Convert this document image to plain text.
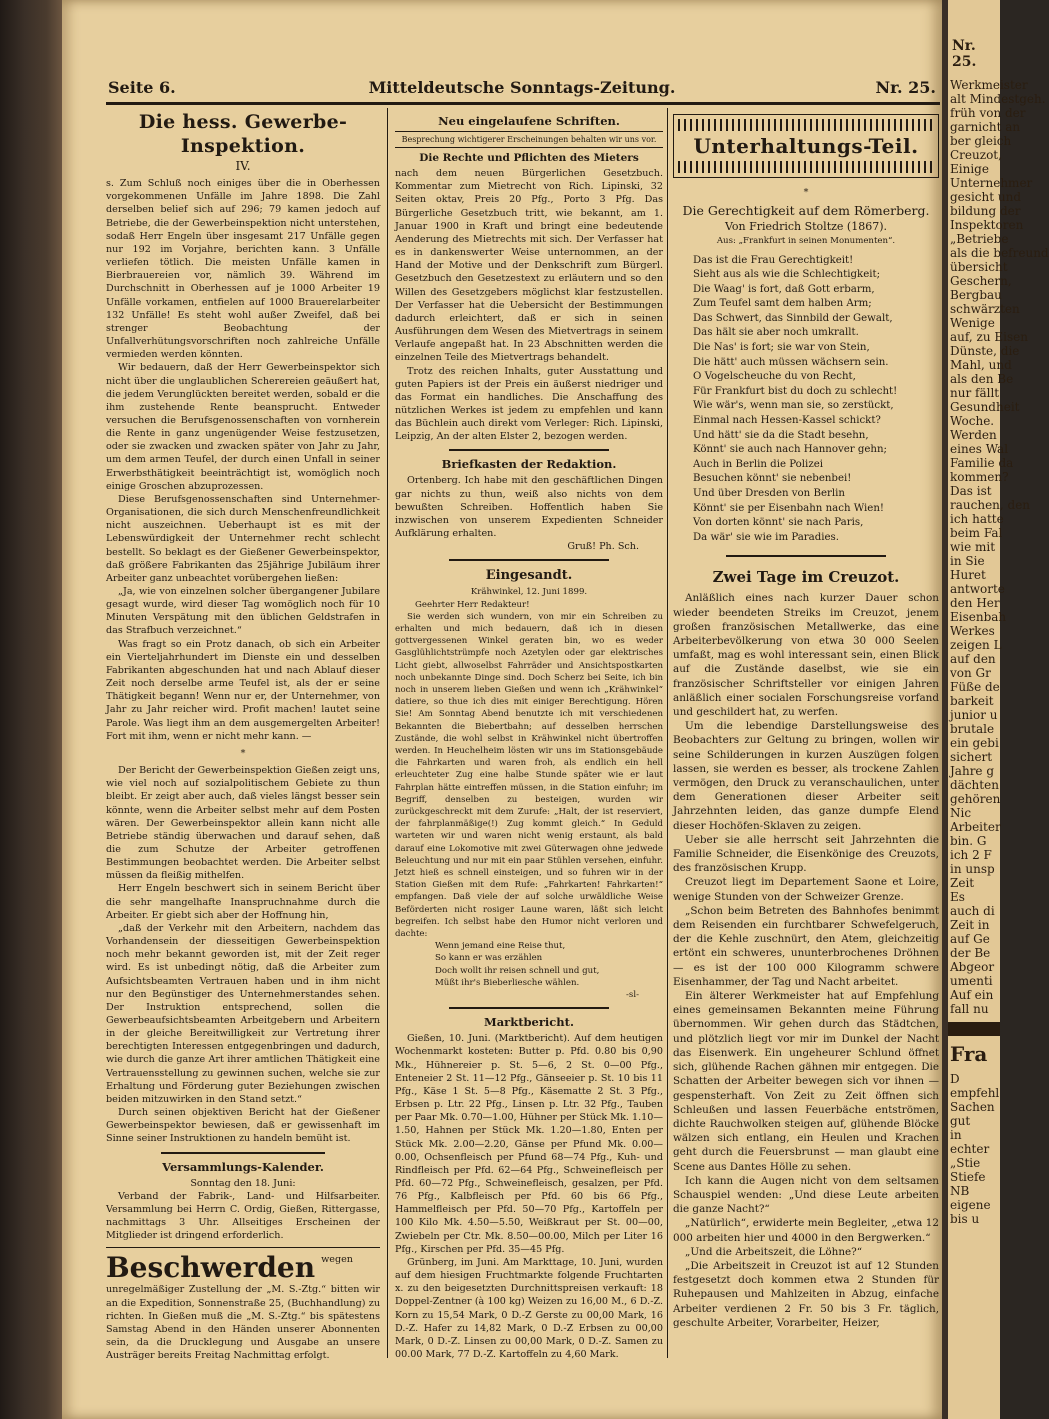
Seite 6.	Mitteldeutsche Sonntags-Zeitung.	Nr. 25.
Die hess. Gewerbe-Inspektion.
IV.

s. Zum Schluß noch einiges über die in Oberhessen vorgekommenen Unfälle im Jahre 1898. Die Zahl derselben belief sich auf 296; 79 kamen jedoch auf Betriebe, die der Gewerbeinspektion nicht unterstehen, sodaß Herr Engeln über insgesamt 217 Unfälle gegen nur 192 im Vorjahre, berichten kann. 3 Unfälle verliefen tötlich. Die meisten Unfälle kamen in Bierbrauereien vor, nämlich 39. Während im Durchschnitt in Oberhessen auf je 1000 Arbeiter 19 Unfälle vorkamen, entfielen auf 1000 Brauerelarbeiter 132 Unfälle! Es steht wohl außer Zweifel, daß bei strenger Beobachtung der Unfallverhütungsvorschriften noch zahlreiche Unfälle vermieden werden könnten.

Wir bedauern, daß der Herr Gewerbeinspektor sich nicht über die unglaublichen Scherereien geäußert hat, die jedem Verunglückten bereitet werden, sobald er die ihm zustehende Rente beansprucht. Entweder versuchen die Berufsgenossenschaften von vornherein die Rente in ganz ungenügender Weise festzusetzen, oder sie zwacken und zwacken später von Jahr zu Jahr, um dem armen Teufel, der durch einen Unfall in seiner Erwerbsthätigkeit beeinträchtigt ist, womöglich noch einige Groschen abzuprozessen.

Diese Berufsgenossenschaften sind Unternehmer-Organisationen, die sich durch Menschenfreundlichkeit nicht auszeichnen. Ueberhaupt ist es mit der Lebenswürdigkeit der Unternehmer recht schlecht bestellt. So beklagt es der Gießener Gewerbeinspektor, daß größere Fabrikanten das 25jährige Jubiläum ihrer Arbeiter ganz unbeachtet vorübergehen ließen:

„Ja, wie von einzelnen solcher übergangener Jubilare gesagt wurde, wird dieser Tag womöglich noch für 10 Minuten Verspätung mit den üblichen Geldstrafen in das Strafbuch verzeichnet.“

Was fragt so ein Protz danach, ob sich ein Arbeiter ein Vierteljahrhundert im Dienste ein und desselben Fabrikanten abgeschunden hat und nach Ablauf dieser Zeit noch derselbe arme Teufel ist, als der er seine Thätigkeit begann! Wenn nur er, der Unternehmer, von Jahr zu Jahr reicher wird. Profit machen! lautet seine Parole. Was liegt ihm an dem ausgemergelten Arbeiter! Fort mit ihm, wenn er nicht mehr kann. —

*

Der Bericht der Gewerbeinspektion Gießen zeigt uns, wie viel noch auf sozialpolitischem Gebiete zu thun bleibt. Er zeigt aber auch, daß vieles längst besser sein könnte, wenn die Arbeiter selbst mehr auf dem Posten wären. Der Gewerbeinspektor allein kann nicht alle Betriebe ständig überwachen und darauf sehen, daß die zum Schutze der Arbeiter getroffenen Bestimmungen beobachtet werden. Die Arbeiter selbst müssen da fleißig mithelfen.

Herr Engeln beschwert sich in seinem Bericht über die sehr mangelhafte Inanspruchnahme durch die Arbeiter. Er giebt sich aber der Hoffnung hin,

„daß der Verkehr mit den Arbeitern, nachdem das Vorhandensein der diesseitigen Gewerbeinspektion noch mehr bekannt geworden ist, mit der Zeit reger wird. Es ist unbedingt nötig, daß die Arbeiter zum Aufsichtsbeamten Vertrauen haben und in ihm nicht nur den Begünstiger des Unternehmerstandes sehen. Der Instruktion entsprechend, sollen die Gewerbeaufsichtsbeamten Arbeitgebern und Arbeitern in der gleiche Bereitwilligkeit zur Vertretung ihrer berechtigten Interessen entgegenbringen und dadurch, wie durch die ganze Art ihrer amtlichen Thätigkeit eine Vertrauensstellung zu gewinnen suchen, welche sie zur Erhaltung und Förderung guter Beziehungen zwischen beiden mitzuwirken in den Stand setzt.“

Durch seinen objektiven Bericht hat der Gießener Gewerbeinspektor bewiesen, daß er gewissenhaft im Sinne seiner Instruktionen zu handeln bemüht ist.

Versammlungs-Kalender.
Sonntag den 18. Juni:

Verband der Fabrik-, Land- und Hilfsarbeiter. Versammlung bei Herrn C. Ordig, Gießen, Rittergasse, nachmittags 3 Uhr. Allseitiges Erscheinen der Mitglieder ist dringend erforderlich.

Beschwerden wegen unregelmäßiger Zustellung der „M. S.-Ztg.“ bitten wir an die Expedition, Sonnenstraße 25, (Buchhandlung) zu richten. In Gießen muß die „M. S.-Ztg.“ bis spätestens Samstag Abend in den Händen unserer Abonnenten sein, da die Drucklegung und Ausgabe an unsere Austräger bereits Freitag Nachmittag erfolgt.
Neu eingelaufene Schriften.
Besprechung wichtigerer Erscheinungen behalten wir uns vor.
Die Rechte und Pflichten des Mieters

nach dem neuen Bürgerlichen Gesetzbuch. Kommentar zum Mietrecht von Rich. Lipinski, 32 Seiten oktav, Preis 20 Pfg., Porto 3 Pfg. Das Bürgerliche Gesetzbuch tritt, wie bekannt, am 1. Januar 1900 in Kraft und bringt eine bedeutende Aenderung des Mietrechts mit sich. Der Verfasser hat es in dankenswerter Weise unternommen, an der Hand der Motive und der Denkschrift zum Bürgerl. Gesetzbuch den Gesetzestext zu erläutern und so den Willen des Gesetzgebers möglichst klar festzustellen. Der Verfasser hat die Uebersicht der Bestimmungen dadurch erleichtert, daß er sich in seinen Ausführungen dem Wesen des Mietvertrags in seinem Verlaufe angepaßt hat. In 23 Abschnitten werden die einzelnen Teile des Mietvertrags behandelt.

Trotz des reichen Inhalts, guter Ausstattung und guten Papiers ist der Preis ein äußerst niedriger und das Format ein handliches. Die Anschaffung des nützlichen Werkes ist jedem zu empfehlen und kann das Büchlein auch direkt vom Verleger: Rich. Lipinski, Leipzig, An der alten Elster 2, bezogen werden.

Briefkasten der Redaktion.

Ortenberg. Ich habe mit den geschäftlichen Dingen gar nichts zu thun, weiß also nichts von dem bewußten Schreiben. Hoffentlich haben Sie inzwischen von unserem Expedienten Schneider Aufklärung erhalten.

Gruß! Ph. Sch.
Eingesandt.
Krähwinkel, 12. Juni 1899.
Geehrter Herr Redakteur!

Sie werden sich wundern, von mir ein Schreiben zu erhalten und mich bedauern, daß ich in diesen gottvergessenen Winkel geraten bin, wo es weder Gasglühlichtstrümpfe noch Azetylen oder gar elektrisches Licht giebt, allwoselbst Fahrräder und Ansichtspostkarten noch unbekannte Dinge sind. Doch Scherz bei Seite, ich bin noch in unserem lieben Gießen und wenn ich „Krähwinkel“ datiere, so thue ich dies mit einiger Berechtigung. Hören Sie! Am Sonntag Abend benutzte ich mit verschiedenen Bekannten die Biebertbahn; auf desselben herrschen Zustände, die wohl selbst in Krähwinkel nicht übertroffen werden. In Heuchelheim lösten wir uns im Stationsgebäude die Fahrkarten und waren froh, als endlich ein hell erleuchteter Zug eine halbe Stunde später wie er laut Fahrplan hätte eintreffen müssen, in die Station einfuhr; im Begriff, denselben zu besteigen, wurden wir zurückgeschreckt mit dem Zurufe: „Halt, der ist reserviert, der fahrplanmäßige(!) Zug kommt gleich.“ In Geduld warteten wir und waren nicht wenig erstaunt, als bald darauf eine Lokomotive mit zwei Güterwagen ohne jedwede Beleuchtung und nur mit ein paar Stühlen versehen, einfuhr. Jetzt hieß es schnell einsteigen, und so fuhren wir in der Station Gießen mit dem Rufe: „Fahrkarten! Fahrkarten!“ empfangen. Daß viele der auf solche urwäldliche Weise Beförderten nicht rosiger Laune waren, läßt sich leicht begreifen. Ich selbst habe den Humor nicht verloren und dachte:

Wenn jemand eine Reise thut,
So kann er was erzählen
Doch wollt ihr reisen schnell und gut,
Müßt ihr's Bieberliesche wählen.
-sl-
Marktbericht.

Gießen, 10. Juni. (Marktbericht). Auf dem heutigen Wochenmarkt kosteten: Butter p. Pfd. 0.80 bis 0,90 Mk., Hühnereier p. St. 5—6, 2 St. 0—00 Pfg., Enteneier 2 St. 11—12 Pfg., Gänseeier p. St. 10 bis 11 Pfg., Käse 1 St. 5—8 Pfg., Käsematte 2 St. 3 Pfg., Erbsen p. Ltr. 22 Pfg., Linsen p. Ltr. 32 Pfg., Tauben per Paar Mk. 0.70—1.00, Hühner per Stück Mk. 1.10—1.50, Hahnen per Stück Mk. 1.20—1.80, Enten per Stück Mk. 2.00—2.20, Gänse per Pfund Mk. 0.00—0.00, Ochsenfleisch per Pfund 68—74 Pfg., Kuh- und Rindfleisch per Pfd. 62—64 Pfg., Schweinefleisch per Pfd. 60—72 Pfg., Schweinefleisch, gesalzen, per Pfd. 76 Pfg., Kalbfleisch per Pfd. 60 bis 66 Pfg., Hammelfleisch per Pfd. 50—70 Pfg., Kartoffeln per 100 Kilo Mk. 4.50—5.50, Weißkraut per St. 00—00, Zwiebeln per Ctr. Mk. 8.50—00.00, Milch per Liter 16 Pfg., Kirschen per Pfd. 35—45 Pfg.

Grünberg, im Juni. Am Markttage, 10. Juni, wurden auf dem hiesigen Fruchtmarkte folgende Fruchtarten x. zu den beigesetzten Durchnittspreisen verkauft: 18 Doppel-Zentner (à 100 kg) Weizen zu 16,00 M., 6 D.-Z. Korn zu 15,54 Mark, 0 D.-Z Gerste zu 00,00 Mark, 16 D.-Z. Hafer zu 14,82 Mark, 0 D.-Z Erbsen zu 00,00 Mark, 0 D.-Z. Linsen zu 00,00 Mark, 0 D.-Z. Samen zu 00.00 Mark, 77 D.-Z. Kartoffeln zu 4,60 Mark.

Unterhaltungs-Teil.
*
Die Gerechtigkeit auf dem Römerberg.
Von Friedrich Stoltze (1867).
Aus: „Frankfurt in seinen Monumenten“.
Das ist die Frau Gerechtigkeit!
Sieht aus als wie die Schlechtigkeit;
Die Waag' is fort, daß Gott erbarm,
Zum Teufel samt dem halben Arm;
Das Schwert, das Sinnbild der Gewalt,
Das hält sie aber noch umkrallt.
Die Nas' is fort; sie war von Stein,
Die hätt' auch müssen wächsern sein.
O Vogelscheuche du von Recht,
Für Frankfurt bist du doch zu schlecht!
Wie wär's, wenn man sie, so zerstückt,
Einmal nach Hessen-Kassel schickt?
Und hätt' sie da die Stadt besehn,
Könnt' sie auch nach Hannover gehn;
Auch in Berlin die Polizei
Besuchen könnt' sie nebenbei!
Und über Dresden von Berlin
Könnt' sie per Eisenbahn nach Wien!
Von dorten könnt' sie nach Paris,
Da wär' sie wie im Paradies.
Zwei Tage im Creuzot.

Anläßlich eines nach kurzer Dauer schon wieder beendeten Streiks im Creuzot, jenem großen französischen Metallwerke, das eine Arbeiterbevölkerung von etwa 30 000 Seelen umfaßt, mag es wohl interessant sein, einen Blick auf die Zustände daselbst, wie sie ein französischer Schriftsteller vor einigen Jahren anläßlich einer socialen Forschungsreise vorfand und geschildert hat, zu werfen.

Um die lebendige Darstellungsweise des Beobachters zur Geltung zu bringen, wollen wir seine Schilderungen in kurzen Auszügen folgen lassen, sie werden es besser, als trockene Zahlen vermögen, den Druck zu veranschaulichen, unter dem Generationen dieser Arbeiter seit Jahrzehnten leiden, das ganze dumpfe Elend dieser Hochöfen-Sklaven zu zeigen.

Ueber sie alle herrscht seit Jahrzehnten die Familie Schneider, die Eisenkönige des Creuzots, des französischen Krupp.

Creuzot liegt im Departement Saone et Loire, wenige Stunden von der Schweizer Grenze.

„Schon beim Betreten des Bahnhofes benimmt dem Reisenden ein furchtbarer Schwefelgeruch, der die Kehle zuschnürt, den Atem, gleichzeitig ertönt ein schweres, ununterbrochenes Dröhnen — es ist der 100 000 Kilogramm schwere Eisenhammer, der Tag und Nacht arbeitet.

Ein älterer Werkmeister hat auf Empfehlung eines gemeinsamen Bekannten meine Führung übernommen. Wir gehen durch das Städtchen, und plötzlich liegt vor mir im Dunkel der Nacht das Eisenwerk. Ein ungeheurer Schlund öffnet sich, glühende Rachen gähnen mir entgegen. Die Schatten der Arbeiter bewegen sich vor ihnen — gespensterhaft. Von Zeit zu Zeit öffnen sich Schleußen und lassen Feuerbäche entströmen, dichte Rauchwolken steigen auf, glühende Blöcke wälzen sich entlang, ein Heulen und Krachen geht durch die Feuersbrunst — man glaubt eine Scene aus Dantes Hölle zu sehen.

Ich kann die Augen nicht von dem seltsamen Schauspiel wenden: „Und diese Leute arbeiten die ganze Nacht?“

„Natürlich“, erwiderte mein Begleiter, „etwa 12 000 arbeiten hier und 4000 in den Bergwerken.“

„Und die Arbeitszeit, die Löhne?“

„Die Arbeitszeit in Creuzot ist auf 12 Stunden festgesetzt doch kommen etwa 2 Stunden für Ruhepausen und Mahlzeiten in Abzug, einfache Arbeiter verdienen 2 Fr. 50 bis 3 Fr. täglich, geschulte Arbeiter, Vorarbeiter, Heizer,

Nr. 25.
Werkmeister
alt Mindestgeh.
früh von der
garnicht an
ber gleich
Creuzot,
Einige
Unternehmer
gesicht und
bildung der
Inspektoren
„Betriebe
als die befreund
übersicht
Geschern,
Bergbau
schwärzten
Wenige
auf, zu Eisen
Dünste, die
Mahl, und
als den Be
nur fällt
Gesundheit
Woche.
Werden
eines Wal
Familie da
kommen?
Das ist
rauchen, den
ich hatte
beim Fal
wie mit
in Sie
Huret
antworte
den Her
Eisenbah
Werkes
zeigen L
auf den
von Gr
Füße de
barkeit
junior u
brutale
ein gebi
sichert
Jahre g
dächten
gehören
Nic
Arbeiter
bin. G
ich 2 F
in unsp
Zeit
Es
auch di
Zeit in
auf Ge
der Be
Abgeor
umenti
Auf ein
fall nu
Fra
D
empfehl
Sachen
gut
in
echter
„Stie
Stiefe
NB
eigene
bis u
